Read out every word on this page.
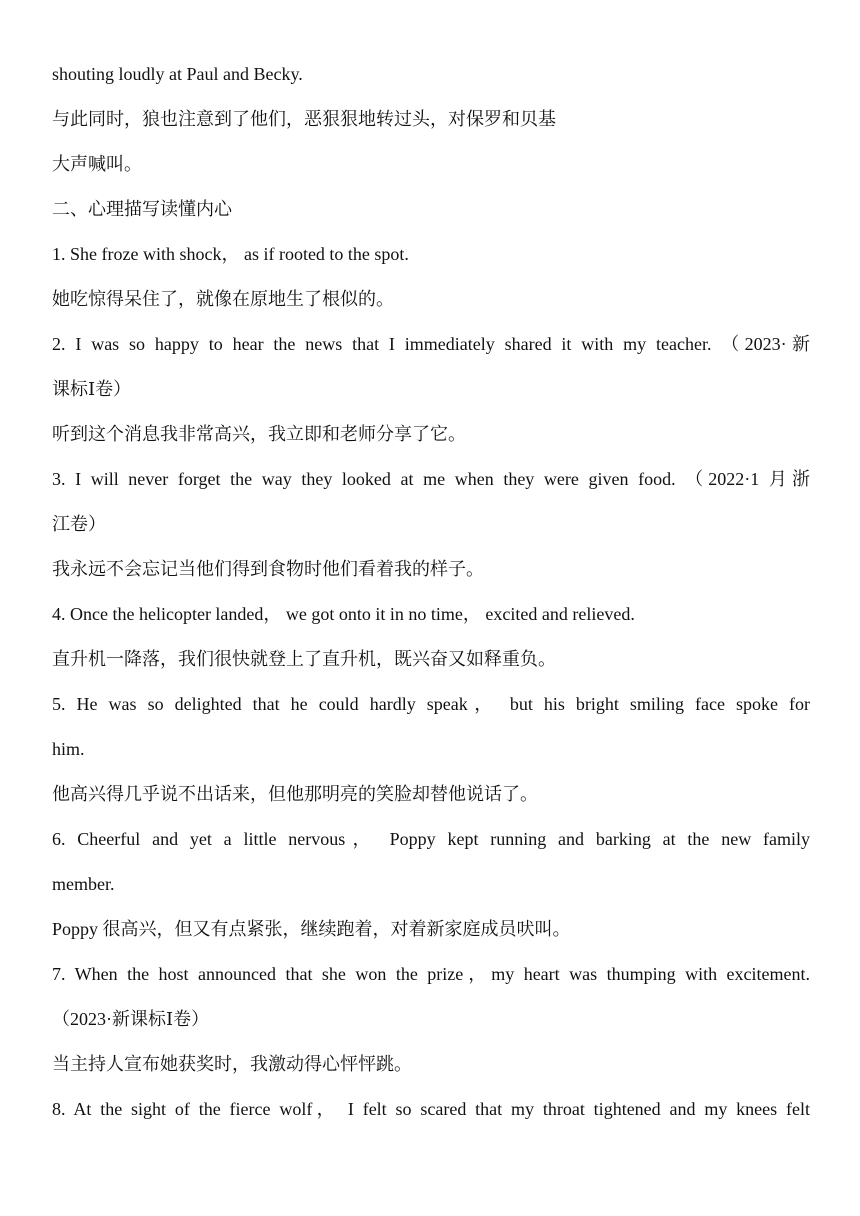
shouting loudly at Paul and Becky.
与此同时，狼也注意到了他们，恶狠狠地转过头，对保罗和贝基
大声喊叫。
二、心理描写读懂内心
1. She froze with shock， as if rooted to the spot.
她吃惊得呆住了，就像在原地生了根似的。
2. I was so happy to hear the news that I immediately shared it with my teacher. （2023·新
课标Ⅰ卷）
听到这个消息我非常高兴，我立即和老师分享了它。
3. I will never forget the way they looked at me when they were given food. （2022·1 月浙
江卷）
我永远不会忘记当他们得到食物时他们看着我的样子。
4. Once the helicopter landed， we got onto it in no time， excited and relieved.
直升机一降落，我们很快就登上了直升机，既兴奋又如释重负。
5. He was so delighted that he could hardly speak， but his bright smiling face spoke for
him.
他高兴得几乎说不出话来，但他那明亮的笑脸却替他说话了。
6. Cheerful and yet a little nervous， Poppy kept running and barking at the new family
member.
Poppy 很高兴，但又有点紧张，继续跑着，对着新家庭成员吠叫。
7. When the host announced that she won the prize，my heart was thumping with excitement.
（2023·新课标Ⅰ卷）
当主持人宣布她获奖时，我激动得心怦怦跳。
8. At the sight of the fierce wolf， I felt so scared that my throat tightened and my knees felt
